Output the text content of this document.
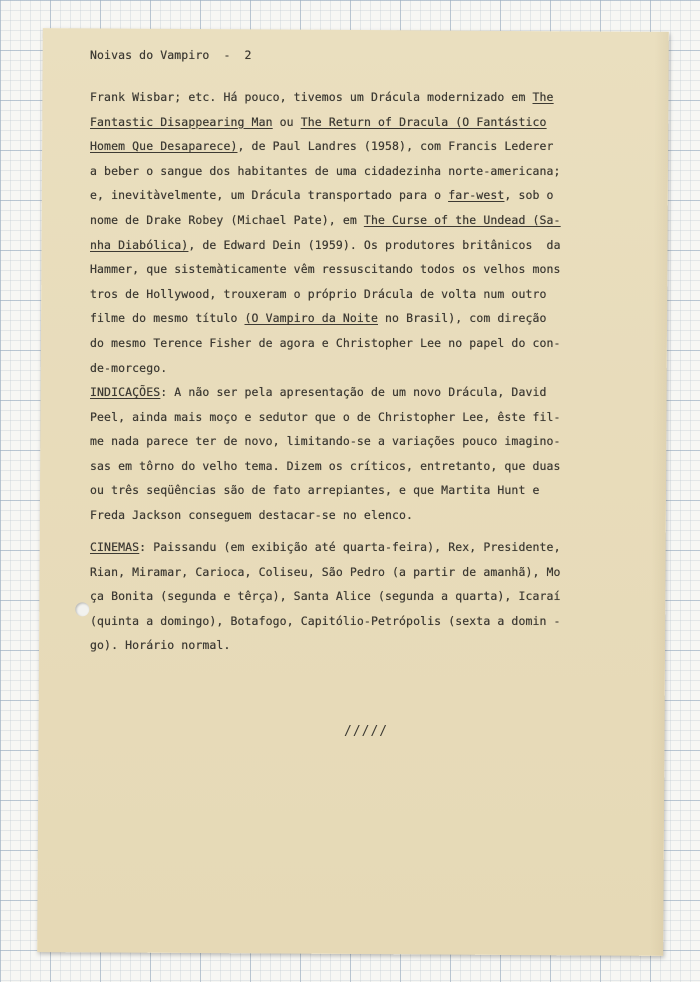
Noivas do Vampiro  -  2
Frank Wisbar; etc. Há pouco, tivemos um Drácula modernizado em The
Fantastic Disappearing Man ou The Return of Dracula (O Fantástico
Homem Que Desaparece), de Paul Landres (1958), com Francis Lederer
a beber o sangue dos habitantes de uma cidadezinha norte-americana;
e, inevitàvelmente, um Drácula transportado para o far-west, sob o
nome de Drake Robey (Michael Pate), em The Curse of the Undead (Sa-
nha Diabólica), de Edward Dein (1959). Os produtores britânicos  da
Hammer, que sistemàticamente vêm ressuscitando todos os velhos mons
tros de Hollywood, trouxeram o próprio Drácula de volta num outro
filme do mesmo título (O Vampiro da Noite no Brasil), com direção
do mesmo Terence Fisher de agora e Christopher Lee no papel do con-
de-morcego.
INDICAÇÕES: A não ser pela apresentação de um novo Drácula, David
Peel, ainda mais moço e sedutor que o de Christopher Lee, êste fil-
me nada parece ter de novo, limitando-se a variações pouco imagino-
sas em tôrno do velho tema. Dizem os críticos, entretanto, que duas
ou três seqüências são de fato arrepiantes, e que Martita Hunt e
Freda Jackson conseguem destacar-se no elenco.
CINEMAS: Paissandu (em exibição até quarta-feira), Rex, Presidente,
Rian, Miramar, Carioca, Coliseu, São Pedro (a partir de amanhã), Mo
ça Bonita (segunda e têrça), Santa Alice (segunda a quarta), Icaraí
(quinta a domingo), Botafogo, Capitólio-Petrópolis (sexta a domin -
go). Horário normal.
/////
